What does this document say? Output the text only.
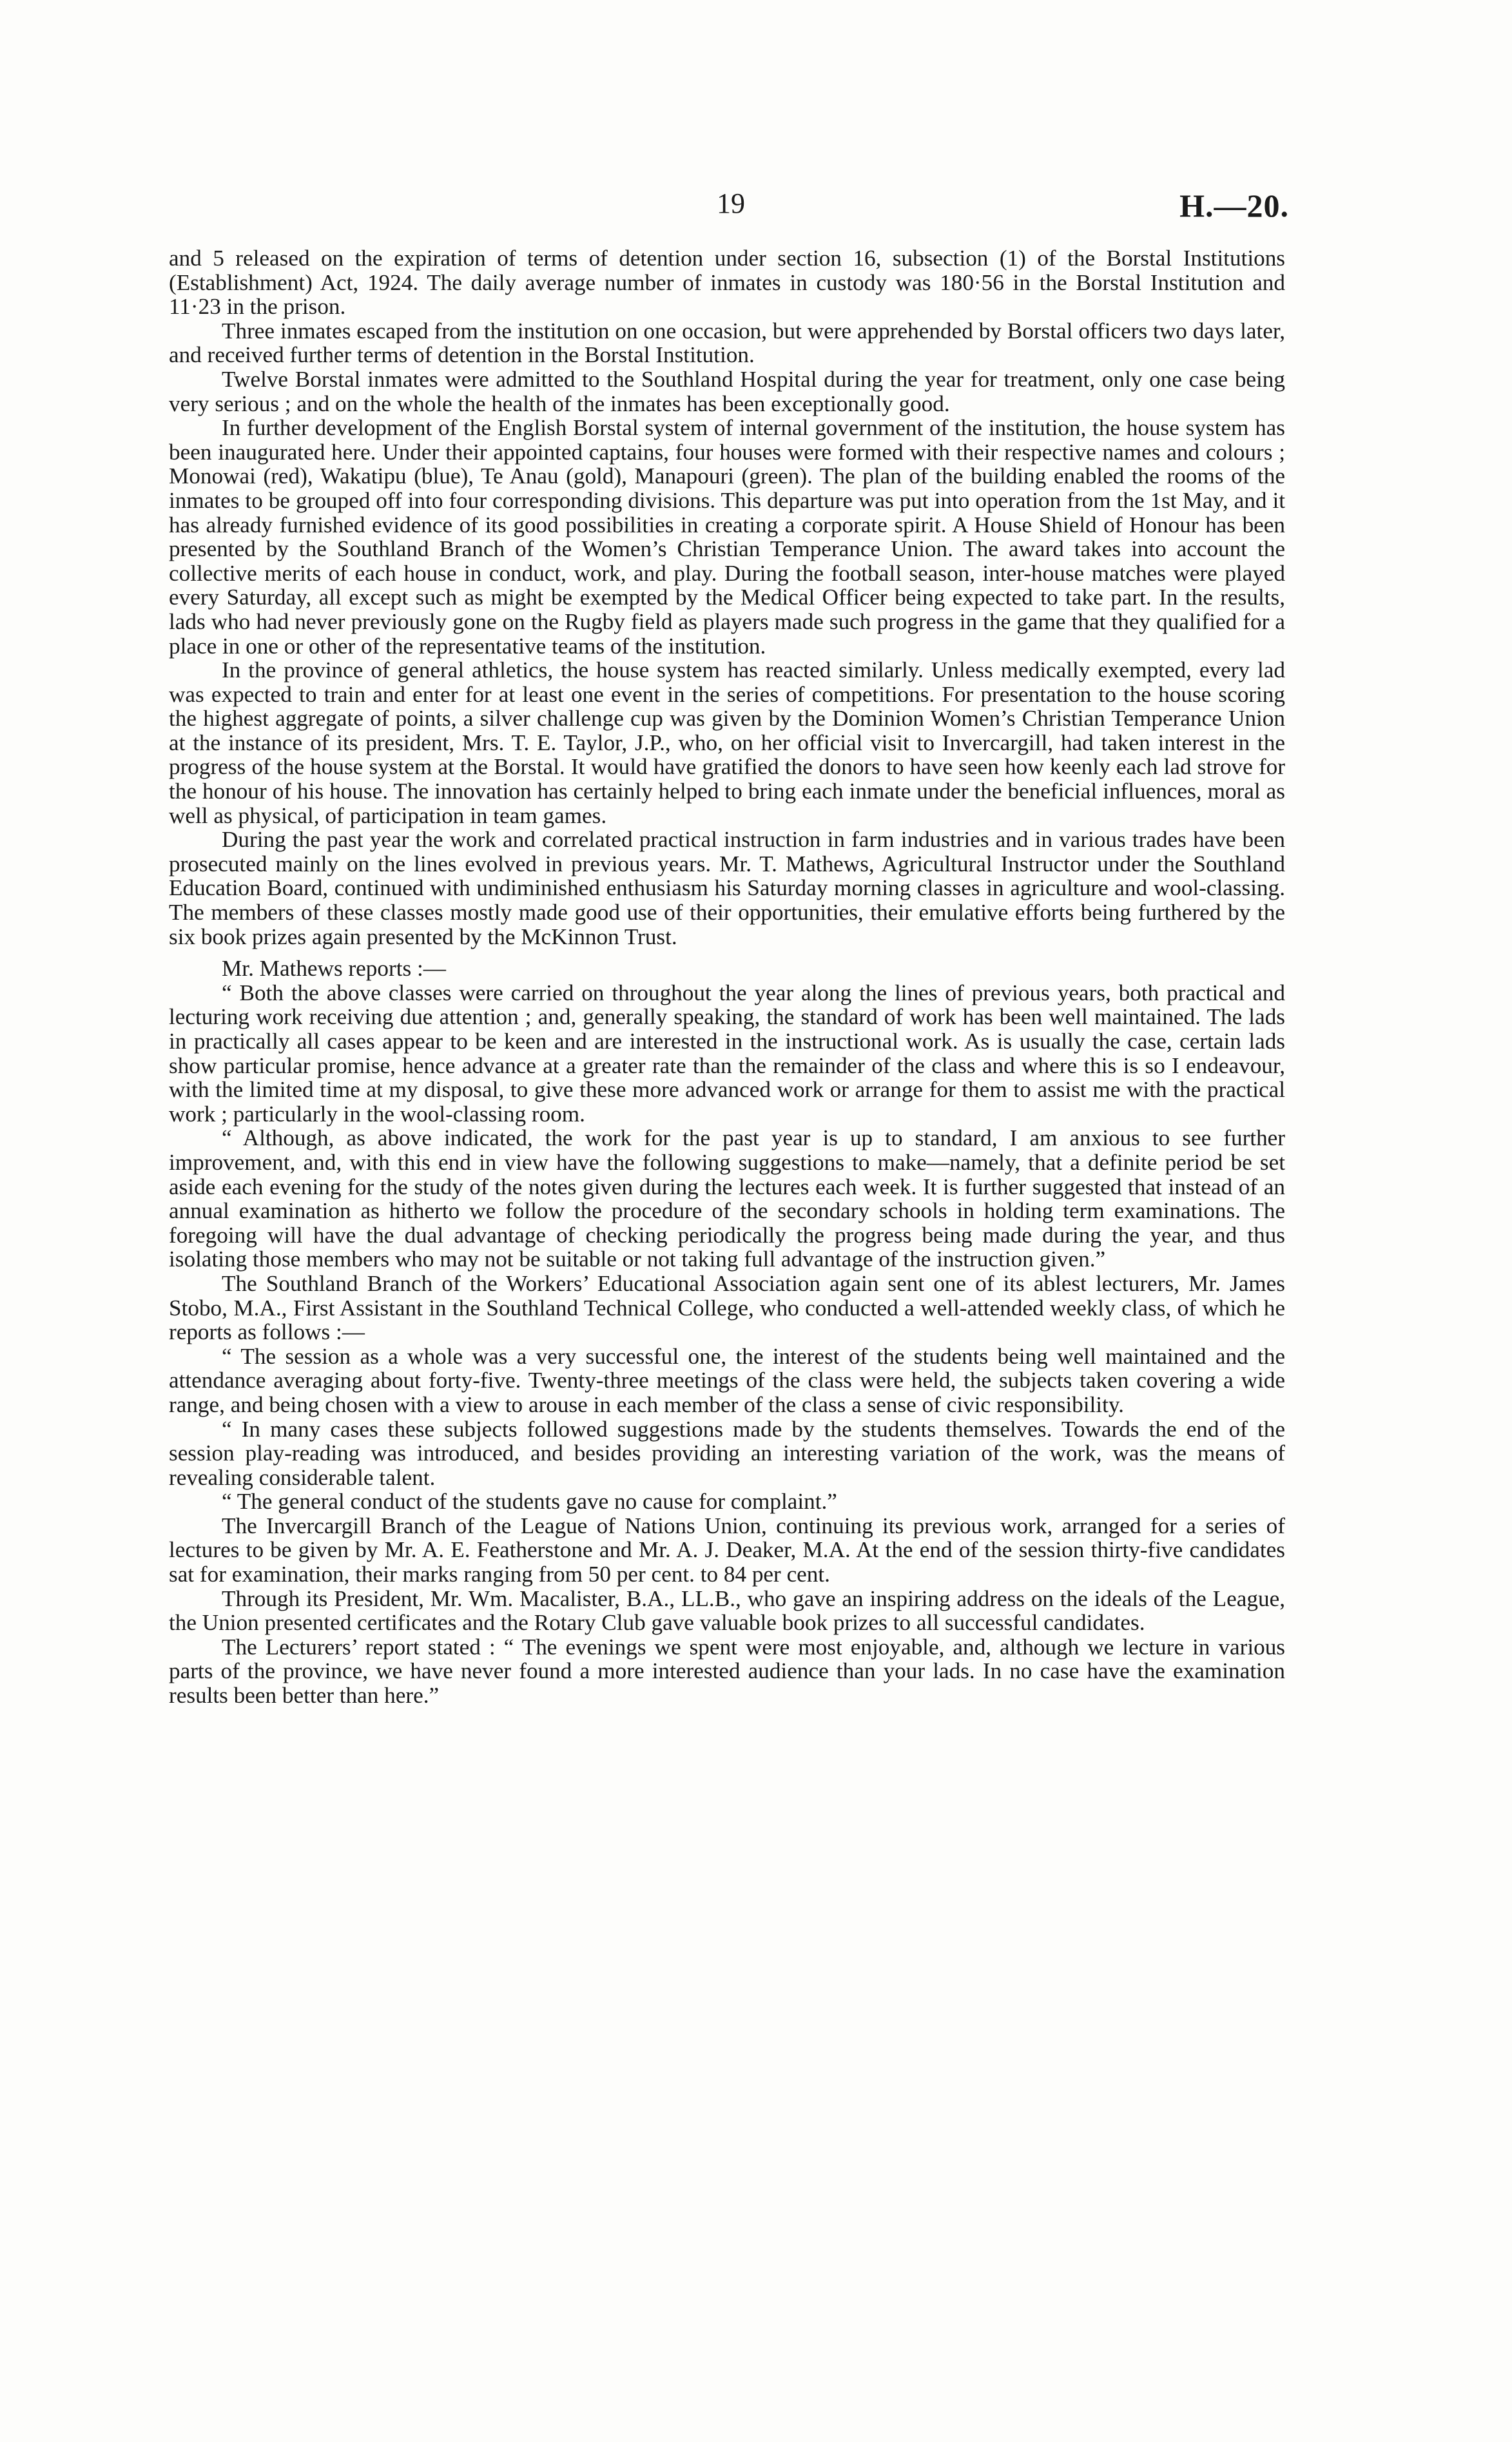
19	H.—20.

and 5 released on the expiration of terms of detention under section 16, subsection (1) of the Borstal Institutions (Establishment) Act, 1924. The daily average number of inmates in custody was 180·56 in the Borstal Institution and 11·23 in the prison.

Three inmates escaped from the institution on one occasion, but were apprehended by Borstal officers two days later, and received further terms of detention in the Borstal Institution.

Twelve Borstal inmates were admitted to the Southland Hospital during the year for treatment, only one case being very serious ; and on the whole the health of the inmates has been exceptionally good.

In further development of the English Borstal system of internal government of the institution, the house system has been inaugurated here. Under their appointed captains, four houses were formed with their respective names and colours ; Monowai (red), Wakatipu (blue), Te Anau (gold), Manapouri (green). The plan of the building enabled the rooms of the inmates to be grouped off into four corresponding divisions. This departure was put into operation from the 1st May, and it has already furnished evidence of its good possibilities in creating a corporate spirit. A House Shield of Honour has been presented by the Southland Branch of the Women’s Christian Temperance Union. The award takes into account the collective merits of each house in conduct, work, and play. During the football season, inter-house matches were played every Saturday, all except such as might be exempted by the Medical Officer being expected to take part. In the results, lads who had never previously gone on the Rugby field as players made such progress in the game that they qualified for a place in one or other of the representative teams of the institution.

In the province of general athletics, the house system has reacted similarly. Unless medically exempted, every lad was expected to train and enter for at least one event in the series of competitions. For presentation to the house scoring the highest aggregate of points, a silver challenge cup was given by the Dominion Women’s Christian Temperance Union at the instance of its president, Mrs. T. E. Taylor, J.P., who, on her official visit to Invercargill, had taken interest in the progress of the house system at the Borstal. It would have gratified the donors to have seen how keenly each lad strove for the honour of his house. The innovation has certainly helped to bring each inmate under the beneficial influences, moral as well as physical, of participation in team games.

During the past year the work and correlated practical instruction in farm industries and in various trades have been prosecuted mainly on the lines evolved in previous years. Mr. T. Mathews, Agricultural Instructor under the Southland Education Board, continued with undiminished enthusiasm his Saturday morning classes in agriculture and wool-classing. The members of these classes mostly made good use of their opportunities, their emulative efforts being furthered by the six book prizes again presented by the McKinnon Trust.

Mr. Mathews reports :—

“ Both the above classes were carried on throughout the year along the lines of previous years, both practical and lecturing work receiving due attention ; and, generally speaking, the standard of work has been well maintained. The lads in practically all cases appear to be keen and are interested in the instructional work. As is usually the case, certain lads show particular promise, hence advance at a greater rate than the remainder of the class and where this is so I endeavour, with the limited time at my disposal, to give these more advanced work or arrange for them to assist me with the practical work ; particularly in the wool-classing room.

“ Although, as above indicated, the work for the past year is up to standard, I am anxious to see further improvement, and, with this end in view have the following suggestions to make—namely, that a definite period be set aside each evening for the study of the notes given during the lectures each week. It is further suggested that instead of an annual examination as hitherto we follow the procedure of the secondary schools in holding term examinations. The foregoing will have the dual advantage of checking periodically the progress being made during the year, and thus isolating those members who may not be suitable or not taking full advantage of the instruction given.”

The Southland Branch of the Workers’ Educational Association again sent one of its ablest lecturers, Mr. James Stobo, M.A., First Assistant in the Southland Technical College, who conducted a well-attended weekly class, of which he reports as follows :—

“ The session as a whole was a very successful one, the interest of the students being well maintained and the attendance averaging about forty-five. Twenty-three meetings of the class were held, the subjects taken covering a wide range, and being chosen with a view to arouse in each member of the class a sense of civic responsibility.

“ In many cases these subjects followed suggestions made by the students themselves. Towards the end of the session play-reading was introduced, and besides providing an interesting variation of the work, was the means of revealing considerable talent.

“ The general conduct of the students gave no cause for complaint.”

The Invercargill Branch of the League of Nations Union, continuing its previous work, arranged for a series of lectures to be given by Mr. A. E. Featherstone and Mr. A. J. Deaker, M.A. At the end of the session thirty-five candidates sat for examination, their marks ranging from 50 per cent. to 84 per cent.

Through its President, Mr. Wm. Macalister, B.A., LL.B., who gave an inspiring address on the ideals of the League, the Union presented certificates and the Rotary Club gave valuable book prizes to all successful candidates.

The Lecturers’ report stated : “ The evenings we spent were most enjoyable, and, although we lecture in various parts of the province, we have never found a more interested audience than your lads. In no case have the examination results been better than here.”
